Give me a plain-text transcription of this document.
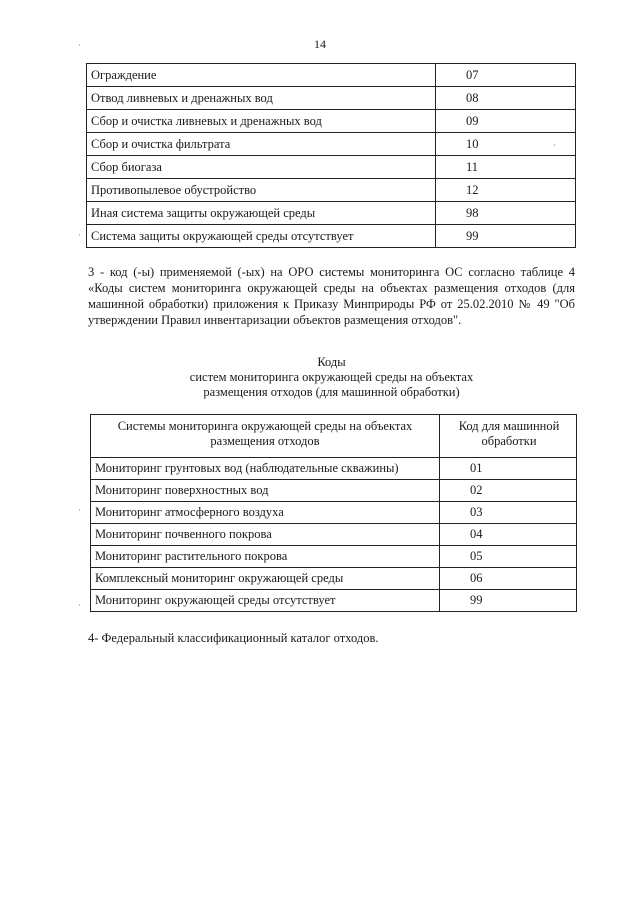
14
·
·
·
·
·
Ограждение	07
Отвод ливневых и дренажных вод	08
Сбор и очистка ливневых и дренажных вод	09
Сбор и очистка фильтрата	10
Сбор биогаза	11
Противопылевое обустройство	12
Иная система защиты окружающей среды	98
Система защиты окружающей среды отсутствует	99
3 - код (-ы) применяемой (-ых) на ОРО системы мониторинга ОС согласно таблице 4 «Коды систем мониторинга окружающей среды на объектах размещения отходов (для машинной обработки) приложения к Приказу Минприроды РФ от 25.02.2010 № 49 "Об утверждении Правил инвентаризации объектов размещения отходов".
Коды
систем мониторинга окружающей среды на объектах
размещения отходов (для машинной обработки)
Системы мониторинга окружающей среды на объектах размещения отходов	Код для машинной обработки
Мониторинг грунтовых вод (наблюдательные скважины)	01
Мониторинг поверхностных вод	02
Мониторинг атмосферного воздуха	03
Мониторинг почвенного покрова	04
Мониторинг растительного покрова	05
Комплексный мониторинг окружающей среды	06
Мониторинг окружающей среды отсутствует	99
4- Федеральный классификационный каталог отходов.
